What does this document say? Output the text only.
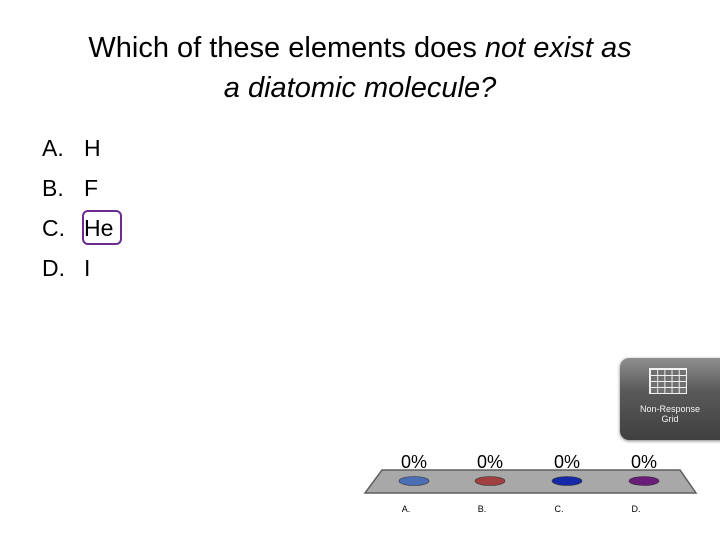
Which of these elements does not exist as
a diatomic molecule?
A. H
B. F
C. He
D. I
Non-Response
Grid
0%
A.
0%
B.
0%
C.
0%
D.
